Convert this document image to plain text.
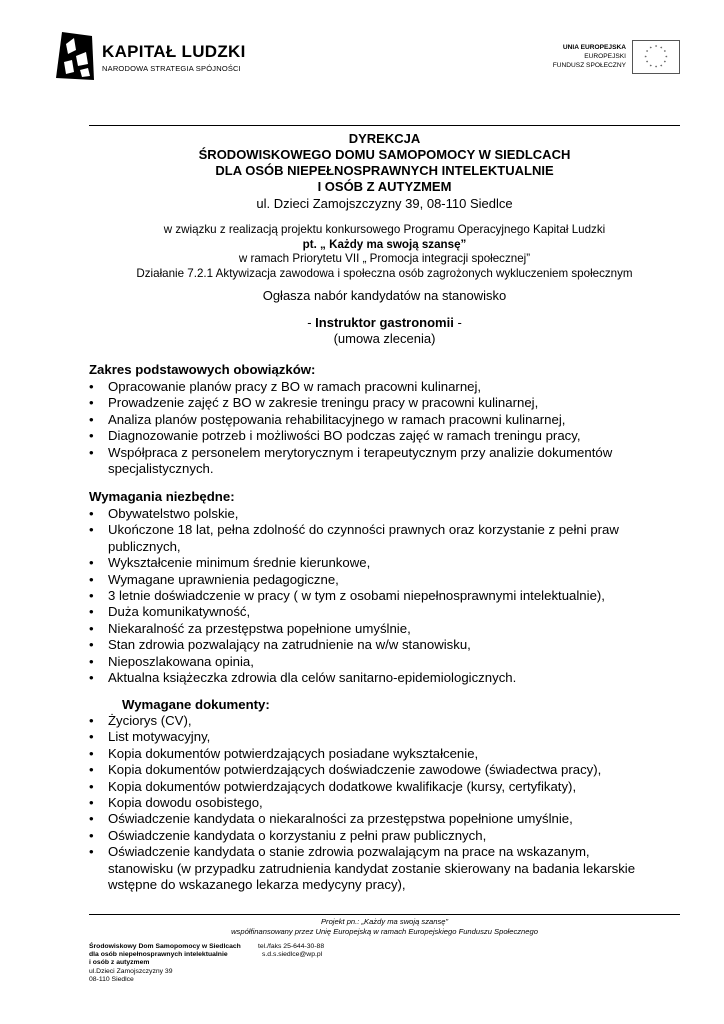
KAPITAŁ LUDZKI
NARODOWA STRATEGIA SPÓJNOŚCI
UNIA EUROPEJSKA
EUROPEJSKI
FUNDUSZ SPOŁECZNY
* *
*
*
*
*
*
*
*
*
*
*
DYREKCJA
ŚRODOWISKOWEGO DOMU SAMOPOMOCY W SIEDLCACH
DLA OSÓB NIEPEŁNOSPRAWNYCH INTELEKTUALNIE
I OSÓB Z AUTYZMEM
ul. Dzieci Zamojszczyzny 39, 08-110 Siedlce
w związku z realizacją projektu konkursowego Programu Operacyjnego Kapitał Ludzki
pt. „ Każdy ma swoją szansę”
w ramach Priorytetu VII „ Promocja integracji społecznej”
Działanie 7.2.1 Aktywizacja zawodowa i społeczna osób zagrożonych wykluczeniem społecznym
Ogłasza nabór kandydatów na stanowisko
- Instruktor gastronomii -
(umowa zlecenia)
Zakres podstawowych obowiązków:
•	Opracowanie planów pracy z BO w ramach pracowni kulinarnej,
•	Prowadzenie zajęć z BO w zakresie treningu pracy w pracowni kulinarnej,
•	Analiza planów postępowania rehabilitacyjnego w ramach pracowni kulinarnej,
•	Diagnozowanie potrzeb i możliwości BO podczas zajęć w ramach treningu pracy,
•	Współpraca z personelem merytorycznym i terapeutycznym przy analizie dokumentów specjalistycznych.
Wymagania niezbędne:
•	Obywatelstwo polskie,
•	Ukończone 18 lat, pełna zdolność do czynności prawnych oraz korzystanie z pełni praw publicznych,
•	Wykształcenie minimum średnie kierunkowe,
•	Wymagane uprawnienia pedagogiczne,
•	3 letnie doświadczenie w pracy ( w tym z osobami niepełnosprawnymi intelektualnie),
•	Duża komunikatywność,
•	Niekaralność za przestępstwa popełnione umyślnie,
•	Stan zdrowia pozwalający na zatrudnienie na w/w stanowisku,
•	Nieposzlakowana opinia,
•	Aktualna książeczka zdrowia dla celów sanitarno-epidemiologicznych.
Wymagane dokumenty:
•	Życiorys (CV),
•	List motywacyjny,
•	Kopia dokumentów potwierdzających posiadane wykształcenie,
•	Kopia dokumentów potwierdzających doświadczenie zawodowe (świadectwa pracy),
•	Kopia dokumentów potwierdzających dodatkowe kwalifikacje (kursy, certyfikaty),
•	Kopia dowodu osobistego,
•	Oświadczenie kandydata o niekaralności za przestępstwa popełnione umyślnie,
•	Oświadczenie kandydata o korzystaniu z pełni praw publicznych,
•	Oświadczenie kandydata o stanie zdrowia pozwalającym na prace na wskazanym, stanowisku (w przypadku zatrudnienia kandydat zostanie skierowany na badania lekarskie wstępne do wskazanego lekarza medycyny pracy),
Projekt pn.: „Każdy ma swoją szansę”
współfinansowany przez Unię Europejską w ramach Europejskiego Funduszu Społecznego
Środowiskowy Dom Samopomocy w Siedlcach
dla osób niepełnosprawnych intelektualnie
i osób z autyzmem
ul.Dzieci Zamojszczyzny 39
08-110 Siedlce
tel./faks 25-644-30-88
s.d.s.siedlce@wp.pl
